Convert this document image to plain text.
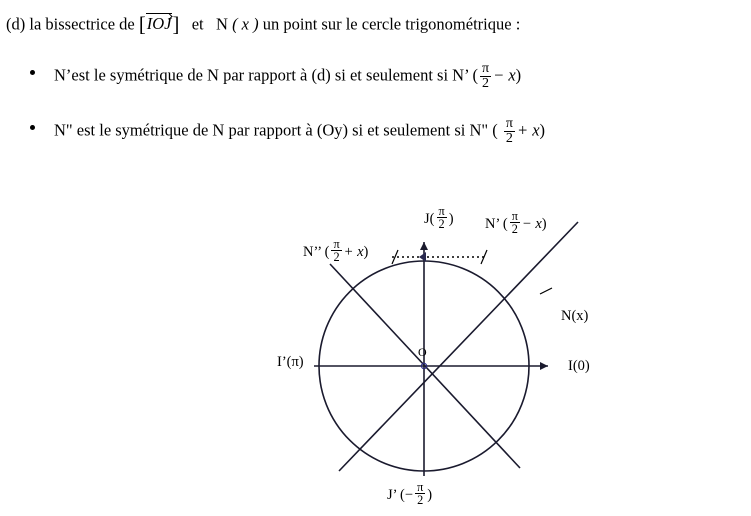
(d) la bissectrice de [IOJ] et N ( x ) un point sur le cercle trigonométrique :
N’est le symétrique de N par rapport à (d) si et seulement si N’ ( $\frac{\pi}{2} - x$)
N" est le symétrique de N par rapport à (Oy) si et seulement si N" ( $\frac{\pi}{2} + x$)
$J( \frac{\pi}{2}$ ) N’ ( $\frac{\pi}{2} - x$)
N’’ ( $\frac{\pi}{2} + x$)
N(x)
I’(π)	I(0)
O
J’ (− $\frac{\pi}{2}$ )
